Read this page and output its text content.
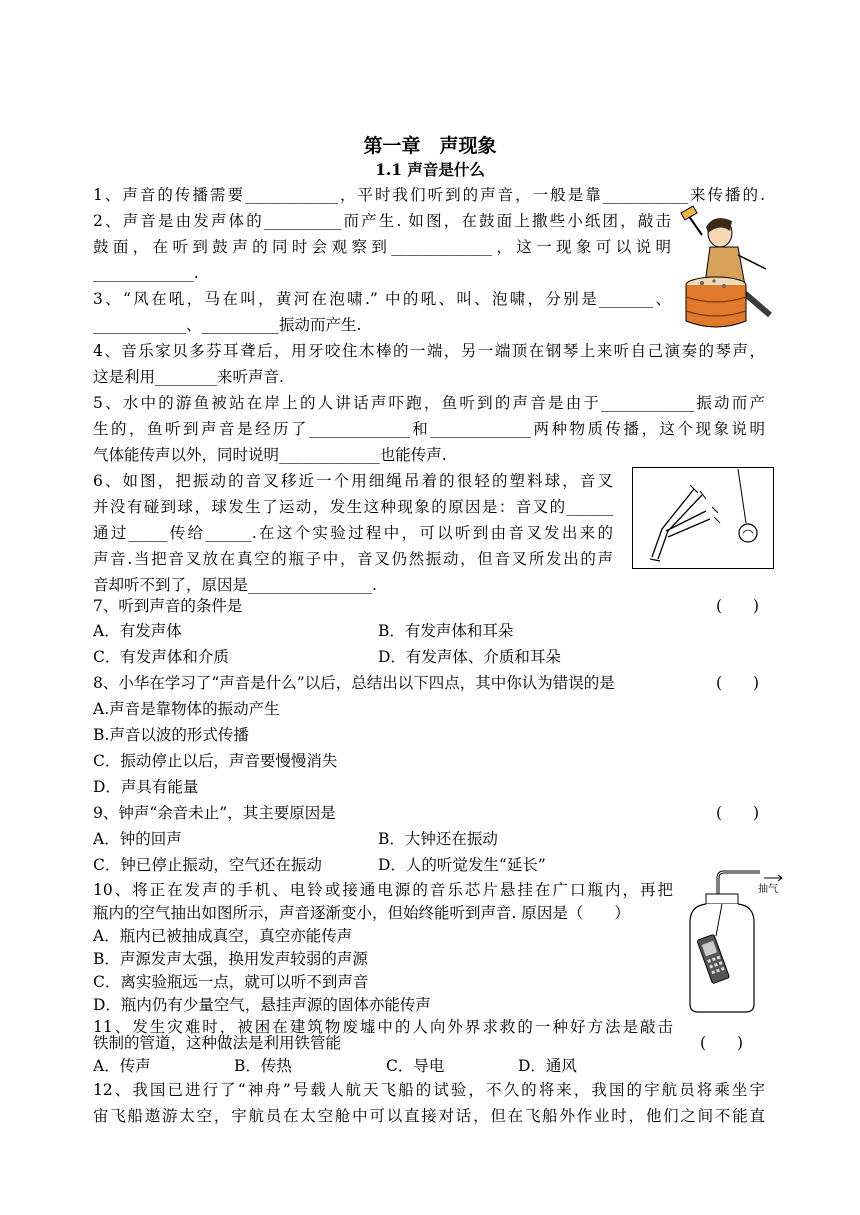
第一章　声现象
1.1 声音是什么
1、声音的传播需要____________，平时我们听到的声音，一般是靠___________来传播的.
2、声音是由发声体的__________而产生. 如图，在鼓面上撒些小纸团，敲击
鼓面，在听到鼓声的同时会观察到_____________，这一现象可以说明
_____________.
3、“风在吼，马在叫，黄河在泡啸.” 中的吼、叫、泡啸，分别是_______、
____________、__________振动而产生.
4、音乐家贝多芬耳聋后，用牙咬住木棒的一端，另一端顶在钢琴上来听自己演奏的琴声，
这是利用________来听声音.
5、水中的游鱼被站在岸上的人讲话声吓跑，鱼听到的声音是由于____________振动而产
生的，鱼听到声音是经历了_____________和_____________两种物质传播，这个现象说明
气体能传声以外，同时说明_____________也能传声.
6、如图，把振动的音叉移近一个用细绳吊着的很轻的塑料球，音叉
并没有碰到球，球发生了运动，发生这种现象的原因是：音叉的______
通过_____传给______.在这个实验过程中，可以听到由音叉发出来的
声音.当把音叉放在真空的瓶子中，音叉仍然振动，但音叉所发出的声
音却听不到了，原因是________________.
7、听到声音的条件是	(　　)
A．有发声体	B．有发声体和耳朵
C．有发声体和介质	D．有发声体、介质和耳朵
8、小华在学习了“声音是什么”以后，总结出以下四点，其中你认为错误的是	(　　)
A.声音是靠物体的振动产生
B.声音以波的形式传播
C．振动停止以后，声音要慢慢消失
D．声具有能量
9、钟声“余音未止”，其主要原因是	(　　)
A．钟的回声	B．大钟还在振动
C．钟已停止振动，空气还在振动	D．人的听觉发生“延长”
10、将正在发声的手机、电铃或接通电源的音乐芯片悬挂在广口瓶内，再把
瓶内的空气抽出如图所示，声音逐渐变小，但始终能听到声音. 原因是（　　）
A．瓶内已被抽成真空，真空亦能传声
B．声源发声太强，换用发声较弱的声源
C．离实验瓶远一点，就可以听不到声音
D．瓶内仍有少量空气，悬挂声源的固体亦能传声
抽气
11、发生灾难时，被困在建筑物废墟中的人向外界求救的一种好方法是敲击
铁制的管道，这种做法是利用铁管能	(　　)
A．传声	B．传热	C．导电	D．通风
12、我国已进行了“神舟”号载人航天飞船的试验，不久的将来，我国的宇航员将乘坐宇
宙飞船遨游太空，宇航员在太空舱中可以直接对话，但在飞船外作业时，他们之间不能直
